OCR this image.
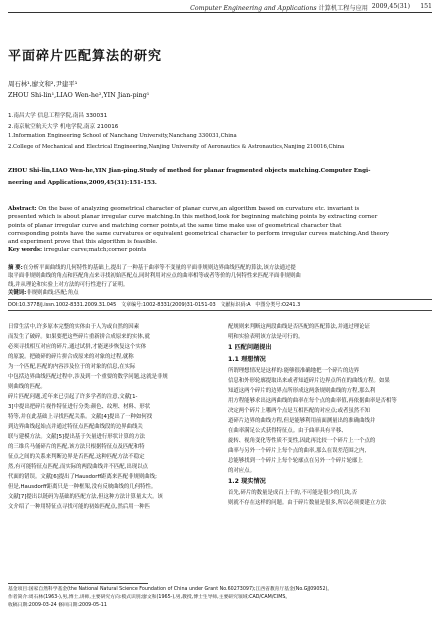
Computer Engineering and Applications 计算机工程与应用 2009,45(31) 151
平面碎片匹配算法的研究
周石林¹,廖文和²,尹建平¹
ZHOU Shi-lin¹,LIAO Wen-he²,YIN Jian-ping¹
1.南昌大学 信息工程学院,南昌 330031
2.南京航空航天大学 机电学院,南京 210016
1.Information Engineering School of Nanchang University,Nanchang 330031,China
2.College of Mechanical and Electrical Engineering,Nanjing University of Aeronautics & Astronautics,Nanjing 210016,China
ZHOU Shi-lin,LIAO Wen-he,YIN Jian-ping.Study of method for planar fragmented objects matching.Computer Engi-
neering and Applications,2009,45(31):151-153.
Abstract: On the base of analyzing geometrical character of planar curve,an algorithm based on curvature etc. invariant is
presented which is about planar irregular curve matching.In this method,look for beginning matching points by extracting corner
points of planar irregular curve and matching corner points,at the same time make use of geometrical character that
corresponding points have the same curvatures or equivalent geometrical character to perform irregular curves matching.And theory
and experiment prove that this algorithm is feasible.
Key words: irregular curve;match;corner points
摘 要:在分析平面曲线的几何特性的基础上,提出了一种基于曲率等不变量的平面非规则边界曲线匹配的算法,该方法通过提
取平面非规则曲线的角点和匹配角点来寻找初始匹配点,同时利用对应点的曲率相等或者等价的几何特性来匹配平面非规则曲
线,并从理论和实验上对方法的可行性进行了证明。
关键词:非规则曲线;匹配;角点
DOI:10.3778/j.issn.1002-8331.2009.31.045 文章编号:1002-8331(2009)31-0151-03 文献标识码:A 中图分类号:O241.3
日常生活中,许多原本完整的实体由于人为或自然的因素
而发生了破碎。如果要把这些碎片重新拼合成原来的实体,就
必须寻找相互对应的碎片,通过试拼,才能逐步恢复这个实体
的原貌。把破碎的碎片拼合成原来的对象的过程,就称
为一个匹配,匹配的内容涉及位于的对象的信息,在实际
中包括边界曲线匹配过程中,涉及到一个重要的数学问题,这就是非规
则曲线的匹配。
碎片匹配问题,近年来已引起了许多学者的注意,文献[1-
3]中提出把碎片视作特征进行分类:颜色、纹理、材料、形状
特等,并在此基础上寻找匹配关系。文献[4]提出了一种如何找
到边界曲线起始点并通过特征点匹配曲线段的边界曲线关
联与建模方法。文献[5]提出基于矢量进行形状计算的方法
的三维兵马俑碎片的匹配,该方法只根据特征点及匹配和特
征点之间的关系来判断边界是否匹配,这种匹配方法不稳定
然,有可能特征点匹配,而实际的两段曲线并不匹配,出现以点
代面的错误。文献[6]提出了Hausdorff距离来匹配非规则曲线;
但是,Hausdorff距离只是一种框架,没有反映曲线的几何特性。
文献[7]提出以链码为基础的匹配方法,但这种方法计算量太大。该
文介绍了一种用特征点寻找可能的初始匹配点,然后用一种匹
配规则来判断这两段曲线是否匹配的匹配算法,并通过理论证
明和实验表明该方法是可行的。
1 匹配问题提出
1.1 理想情况
所谓理想情况是这样的:能够很准确地把一个碎片的边界
信息和外形轮廓提取出来或者知道碎片边界点所在的曲线方程。如果
知道这两个碎片的边界点所形成这两条规则曲线的方程,那么利
用方程能够求出这两曲线的曲率在每个点的曲率值,再依据曲率是否相等
决定两个碎片上哪两个点是互相匹配的对应点;或者虽然不知
道碎片边界的曲线方程,但是能够利用前面测量出的准确曲线并
在曲率满足公式获得特征点。由于曲率具有平移、
旋转、视角变化等性质不变性,因此再比较一个碎片上一个点的
曲率与另外一个碎片上每个点的曲率,那么在误差范围之内,
总能够找到一个碎片上每个轮廓点在另外一个碎片轮廓上
的对应点。
1.2 现实情况
首先,碎片的数量是成百上千的,不可能是很少的几块,否
则就不存在这样的问题。由于碎片数量是很多,所以必须要建立方法
基金项目:国家自然科学基金(the National Natural Science Foundation of China under Grant No.60273097);江西省教育厅基金(No.GJJ09052)。
作者简介:周石林(1963-),男,博士,讲师,主要研究方向:模式识别;廖文和(1965-),男,教授,博士生导师,主要研究领域:CAD/CAM/CIMS。
收稿日期:2009-03-24 修回日期:2009-05-11
